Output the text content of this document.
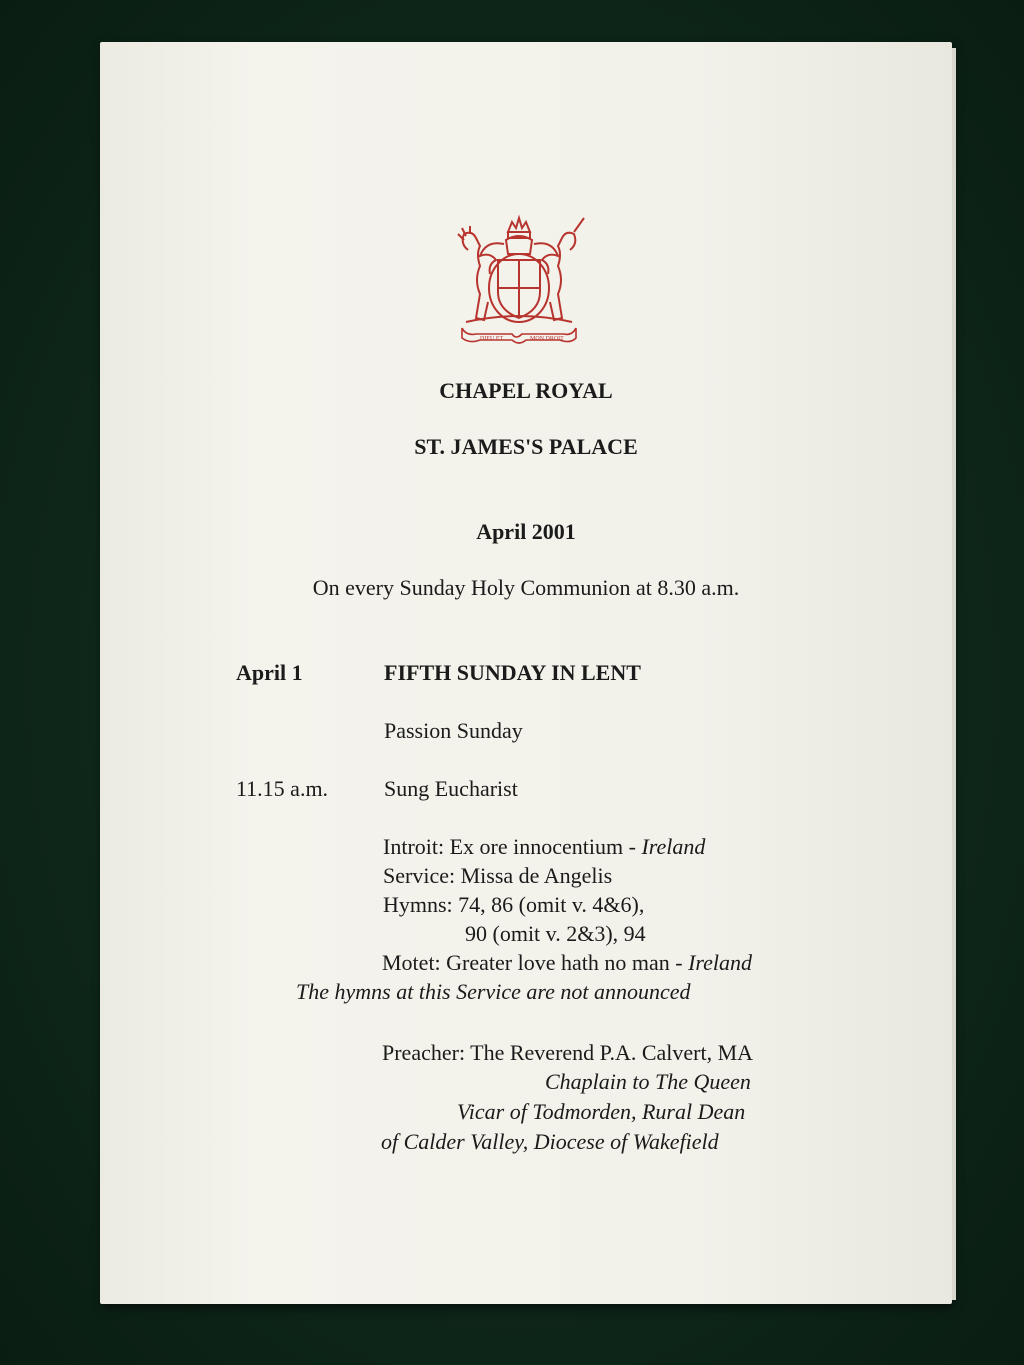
DIEU ET	MON DROIT
CHAPEL ROYAL
ST. JAMES'S PALACE
April 2001
On every Sunday Holy Communion at 8.30 a.m.
April 1	FIFTH SUNDAY IN LENT
Passion Sunday
11.15 a.m.	Sung Eucharist
Introit: Ex ore innocentium - Ireland
Service: Missa de Angelis
Hymns: 74, 86 (omit v. 4&6),
90 (omit v. 2&3), 94
Motet: Greater love hath no man - Ireland
The hymns at this Service are not announced
Preacher: The Reverend P.A. Calvert, MA
Chaplain to The Queen
Vicar of Todmorden, Rural Dean
of Calder Valley, Diocese of Wakefield
